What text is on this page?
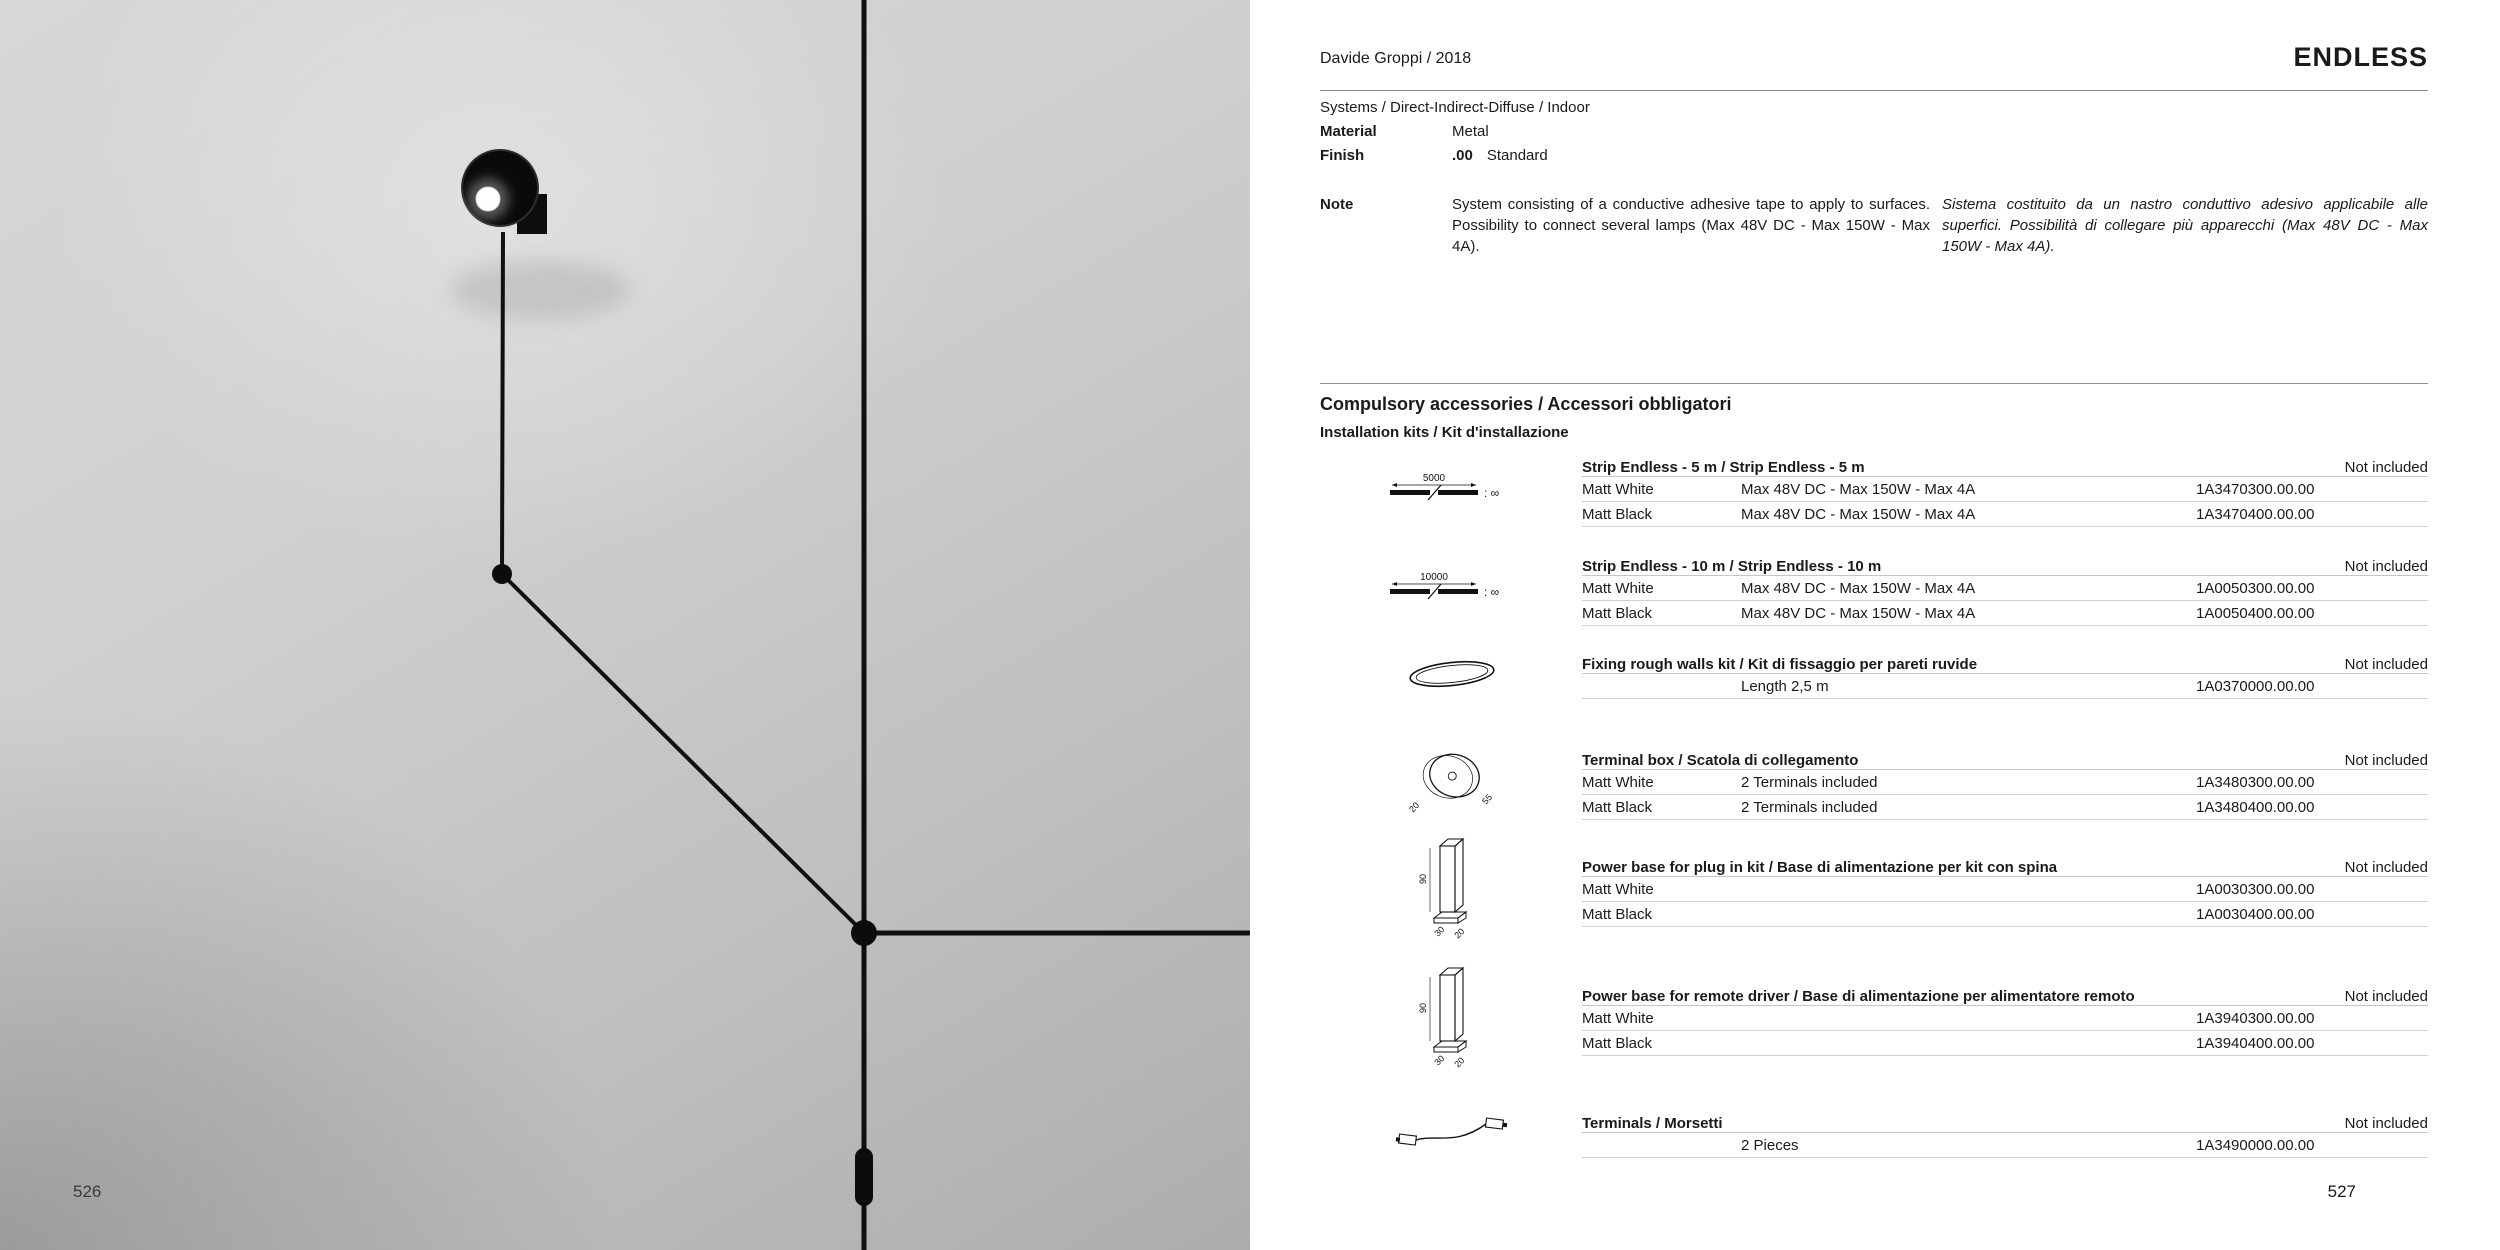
526
Davide Groppi / 2018	ENDLESS
Systems / Direct-Indirect-Diffuse / Indoor
Material	Metal
Finish	.00 Standard
Note	System consisting of a conductive adhesive tape to apply to surfaces. Possibility to connect several lamps (Max 48V DC - Max 150W - Max 4A).
Sistema costituito da un nastro conduttivo adesivo applicabile alle superfici. Possibilità di collegare più apparecchi (Max 48V DC - Max 150W - Max 4A).
Compulsory accessories / Accessori obbligatori
Installation kits / Kit d'installazione
5000
: ∞
Strip Endless - 5 m / Strip Endless - 5 m	Not included
Matt White	Max 48V DC - Max 150W - Max 4A	1A3470300.00.00
Matt Black	Max 48V DC - Max 150W - Max 4A	1A3470400.00.00
10000
: ∞
Strip Endless - 10 m / Strip Endless - 10 m	Not included
Matt White	Max 48V DC - Max 150W - Max 4A	1A0050300.00.00
Matt Black	Max 48V DC - Max 150W - Max 4A	1A0050400.00.00
Fixing rough walls kit / Kit di fissaggio per pareti ruvide	Not included
Length 2,5 m	1A0370000.00.00
20
55
Terminal box / Scatola di collegamento	Not included
Matt White	2 Terminals included	1A3480300.00.00
Matt Black	2 Terminals included	1A3480400.00.00
90
30 20
Power base for plug in kit / Base di alimentazione per kit con spina	Not included
Matt White	1A0030300.00.00
Matt Black	1A0030400.00.00
90
30 20
Power base for remote driver / Base di alimentazione per alimentatore remoto	Not included
Matt White	1A3940300.00.00
Matt Black	1A3940400.00.00
Terminals / Morsetti	Not included
2 Pieces	1A3490000.00.00
527
